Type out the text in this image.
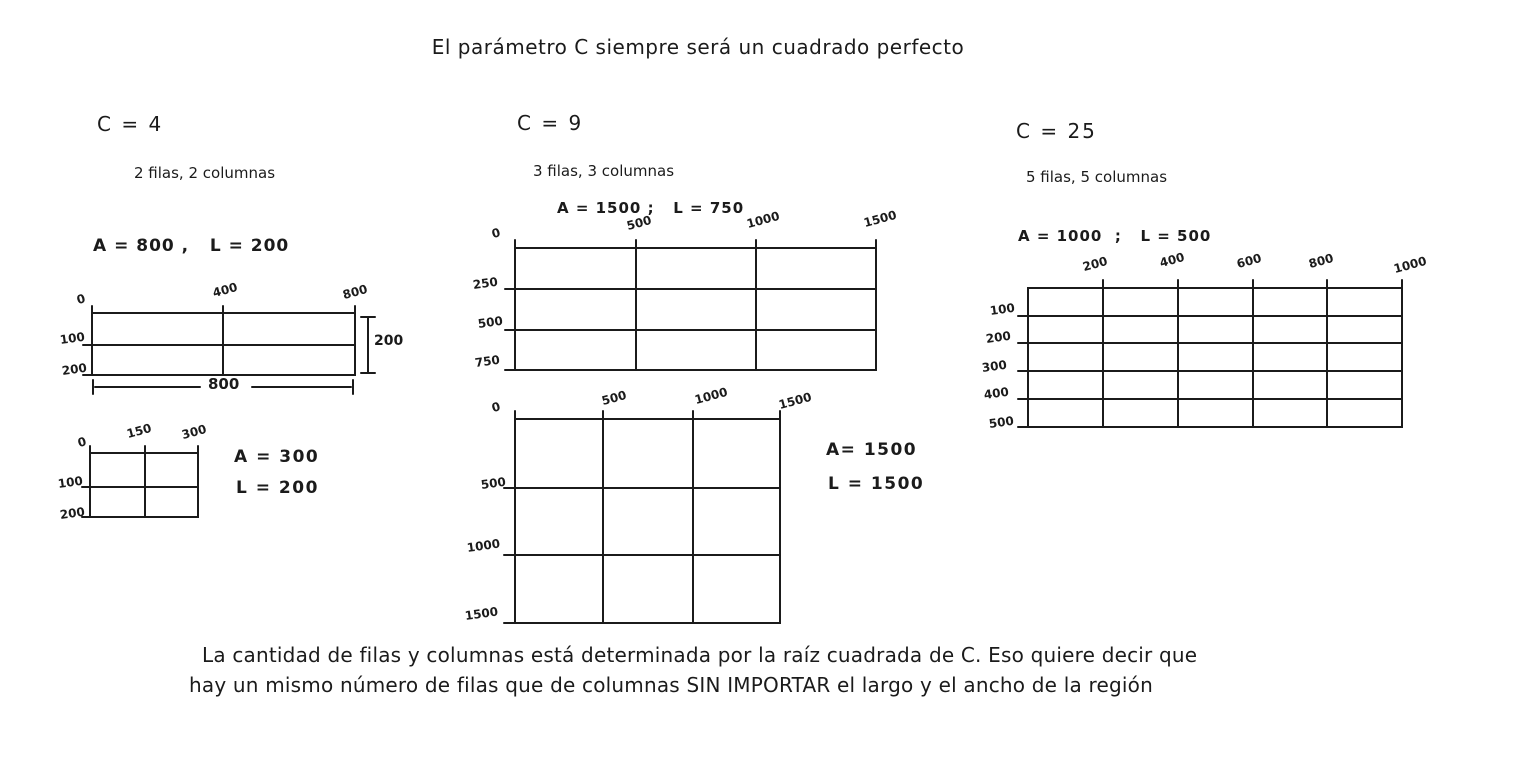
El parámetro C siempre será un cuadrado perfecto
C = 4
2 filas, 2 columnas
A = 800 ,   L = 200
0	400	800
100
200
200
800
0
150 300
100
200
A = 300
L = 200
C = 9
3 filas, 3 columnas
A = 1500 ;   L = 750
0
500	1000	1500
250
500
750
0	500	1000	1500
500
1000
1500
A= 1500
L = 1500
C = 25
5 filas, 5 columnas
A = 1000  ;   L = 500
200	400	600	800	1000
100
200
300
400
500
La cantidad de filas y columnas está determinada por la raíz cuadrada de C. Eso quiere decir que
hay un mismo número de filas que de columnas SIN IMPORTAR el largo y el ancho de la región
